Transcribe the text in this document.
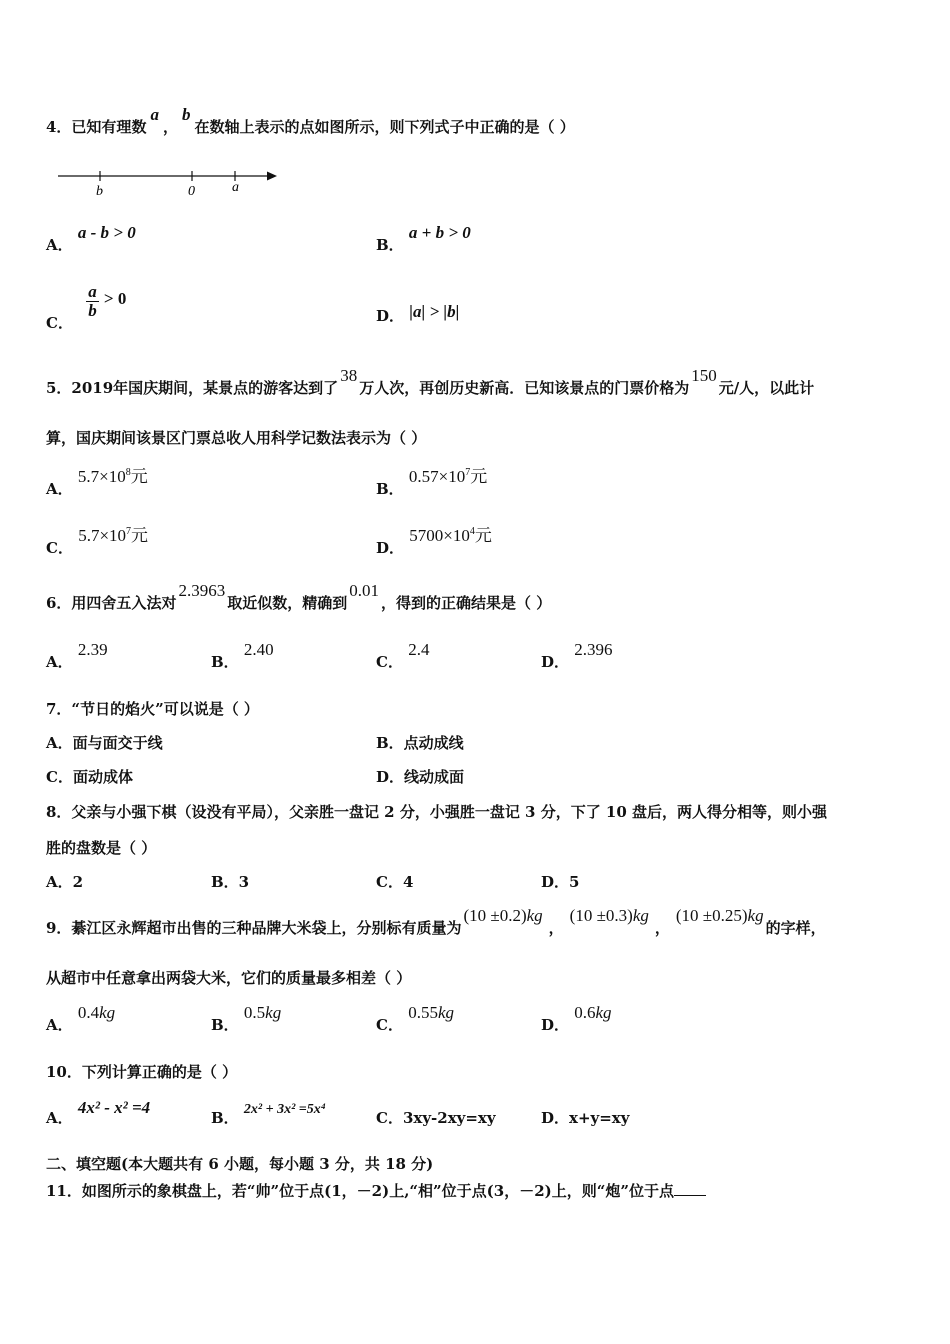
4．已知有理数a，b在数轴上表示的点如图所示，则下列式子中正确的是（ ）
b	0	a
A． a - b > 0
B． a + b > 0
C．
$\frac{a}{b} > 0$
D． |a| > |b|
5．2019年国庆期间，某景点的游客达到了38万人次，再创历史新高．已知该景点的门票价格为150元/人，以此计
算，国庆期间该景区门票总收人用科学记数法表示为（ ）
A． $5.7\times 10^8$元
B． $0.57\times 10^7$元
C． $5.7\times 10^7$元
D． $5700\times 10^4$元
6．用四舍五入法对2.3963取近似数，精确到0.01，得到的正确结果是（ ）
A． 2.39
B． 2.40
C． 2.4
D． 2.396
7．“节日的焰火”可以说是（ ）
A．面与面交于线	B．点动成线
C．面动成体	D．线动成面
8．父亲与小强下棋（设没有平局），父亲胜一盘记 2 分，小强胜一盘记 3 分，下了 10 盘后，两人得分相等，则小强
胜的盘数是（ ）
A．2	B．3	C．4	D．5
9．綦江区永辉超市出售的三种品牌大米袋上，分别标有质量为(10 ±0.2)kg，(10 ±0.3)kg，(10 ±0.25)kg的字样，
从超市中任意拿出两袋大米，它们的质量最多相差（ ）
A． 0.4kg
B． 0.5kg
C． 0.55kg
D． 0.6kg
10．下列计算正确的是（ ）
A． 4x² - x² =4
B． 2x² + 3x² =5x⁴	C．3xy-2xy=xy	D．x+y=xy
二、填空题(本大题共有 6 小题，每小题 3 分，共 18 分)
11．如图所示的象棋盘上，若“帅”位于点(1，－2)上,“相”位于点(3，－2)上，则“炮”位于点
